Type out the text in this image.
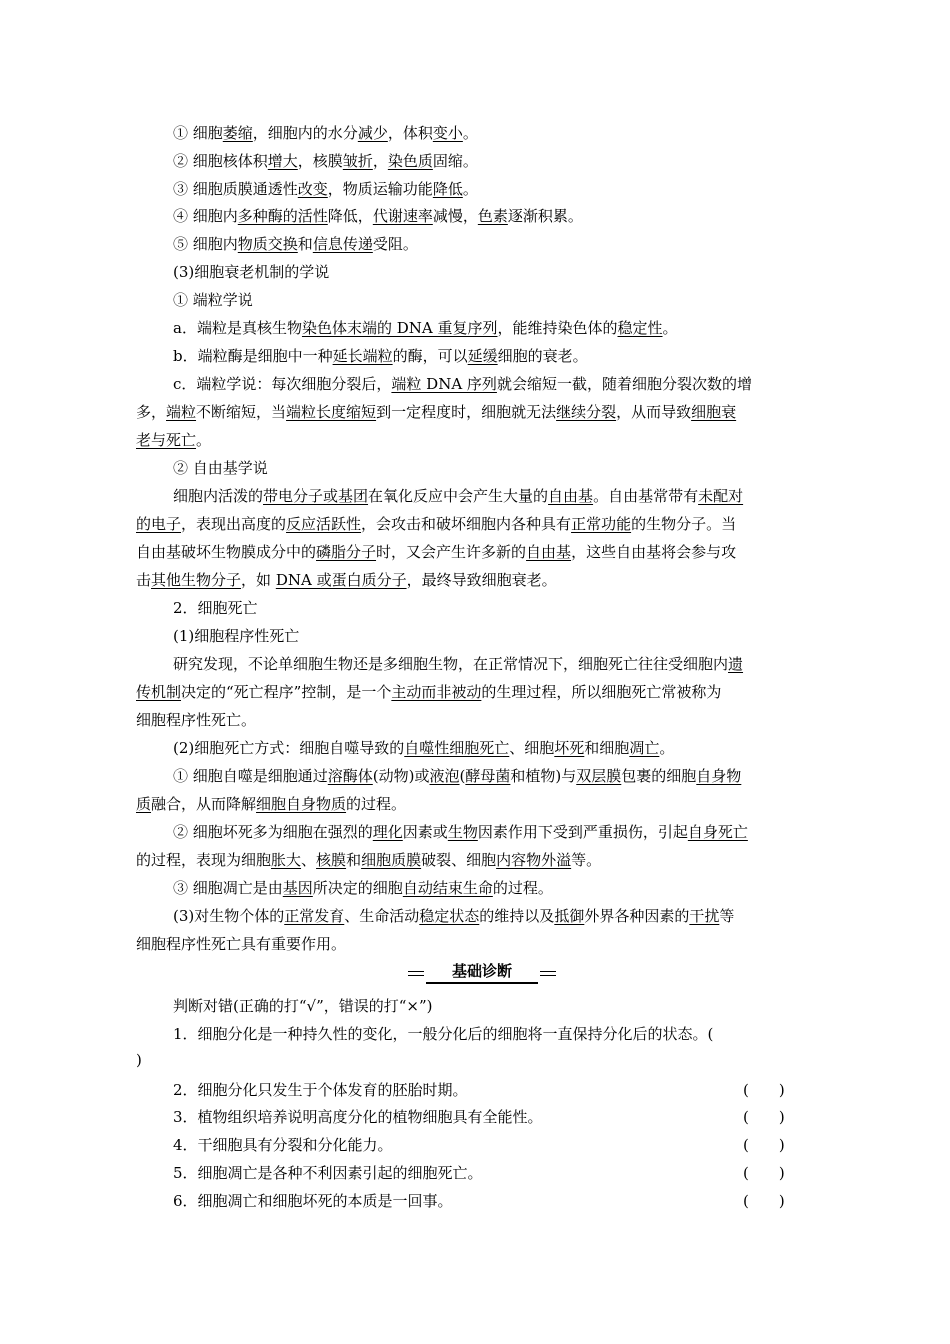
基础诊断
① 细胞萎缩，细胞内的水分减少，体积变小。
② 细胞核体积增大，核膜皱折，染色质固缩。
③ 细胞质膜通透性改变，物质运输功能降低。
④ 细胞内多种酶的活性降低，代谢速率减慢，色素逐渐积累。
⑤ 细胞内物质交换和信息传递受阻。
(3)细胞衰老机制的学说
① 端粒学说
a．端粒是真核生物染色体末端的 DNA 重复序列，能维持染色体的稳定性。
b．端粒酶是细胞中一种延长端粒的酶，可以延缓细胞的衰老。
c．端粒学说：每次细胞分裂后，端粒 DNA 序列就会缩短一截，随着细胞分裂次数的增
多，端粒不断缩短，当端粒长度缩短到一定程度时，细胞就无法继续分裂，从而导致细胞衰
老与死亡。
② 自由基学说
细胞内活泼的带电分子或基团在氧化反应中会产生大量的自由基。自由基常带有未配对
的电子，表现出高度的反应活跃性，会攻击和破坏细胞内各种具有正常功能的生物分子。当
自由基破坏生物膜成分中的磷脂分子时，又会产生许多新的自由基，这些自由基将会参与攻
击其他生物分子，如 DNA 或蛋白质分子，最终导致细胞衰老。
2．细胞死亡
(1)细胞程序性死亡
研究发现，不论单细胞生物还是多细胞生物，在正常情况下，细胞死亡往往受细胞内遗
传机制决定的“死亡程序”控制，是一个主动而非被动的生理过程，所以细胞死亡常被称为
细胞程序性死亡。
(2)细胞死亡方式：细胞自噬导致的自噬性细胞死亡、细胞坏死和细胞凋亡。
① 细胞自噬是细胞通过溶酶体(动物)或液泡(酵母菌和植物)与双层膜包裹的细胞自身物
质融合，从而降解细胞自身物质的过程。
② 细胞坏死多为细胞在强烈的理化因素或生物因素作用下受到严重损伤，引起自身死亡
的过程，表现为细胞胀大、核膜和细胞质膜破裂、细胞内容物外溢等。
③ 细胞凋亡是由基因所决定的细胞自动结束生命的过程。
(3)对生物个体的正常发育、生命活动稳定状态的维持以及抵御外界各种因素的干扰等
细胞程序性死亡具有重要作用。
判断对错(正确的打“√”，错误的打“×”)
1．细胞分化是一种持久性的变化，一般分化后的细胞将一直保持分化后的状态。(
)
2．细胞分化只发生于个体发育的胚胎时期。
3．植物组织培养说明高度分化的植物细胞具有全能性。
4．干细胞具有分裂和分化能力。
5．细胞凋亡是各种不利因素引起的细胞死亡。
6．细胞凋亡和细胞坏死的本质是一回事。
(　　)
(　　)
(　　)
(　　)
(　　)
